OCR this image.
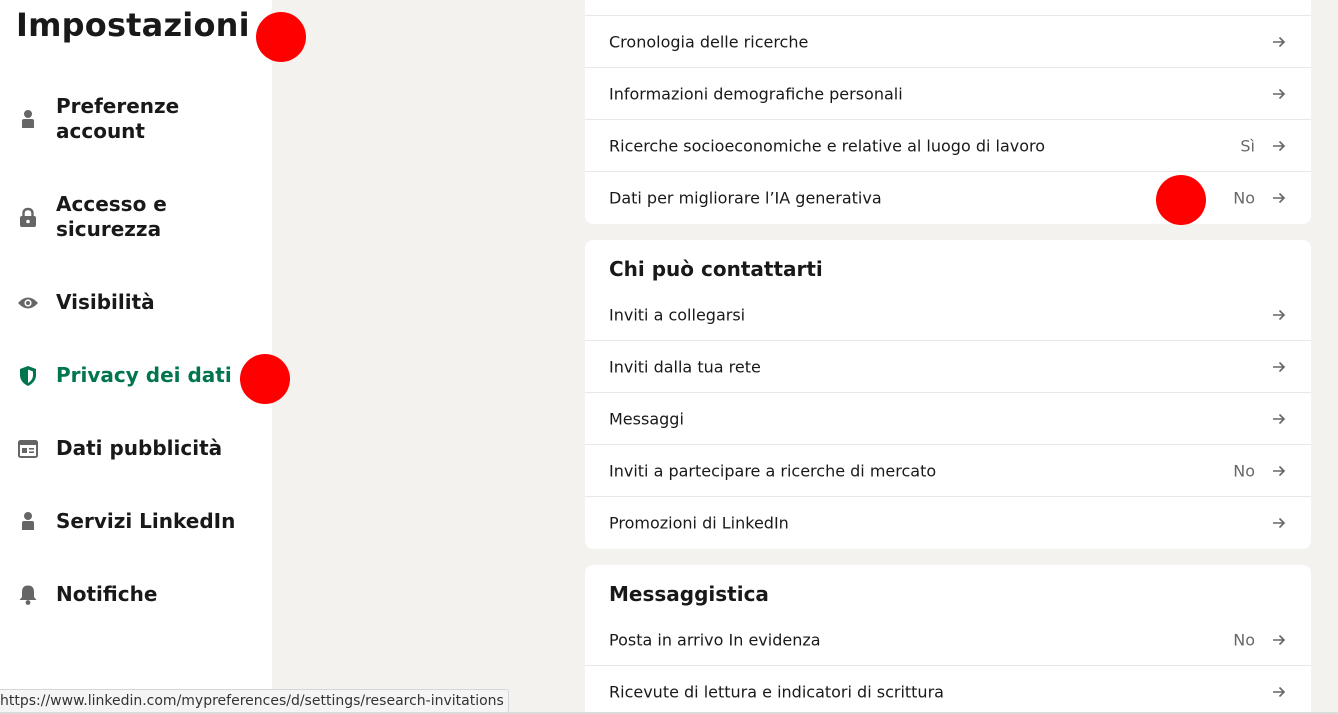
Impostazioni
Preferenze
account
Accesso e
sicurezza
Visibilità
Privacy dei dati
Dati pubblicità
Servizi LinkedIn
Notifiche
Cronologia delle ricerche
Informazioni demografiche personali
Ricerche socioeconomiche e relative al luogo di lavoro	Sì
Dati per migliorare l’IA generativa	No
Chi può contattarti
Inviti a collegarsi
Inviti dalla tua rete
Messaggi
Inviti a partecipare a ricerche di mercato	No
Promozioni di LinkedIn
Messaggistica
Posta in arrivo In evidenza	No
Ricevute di lettura e indicatori di scrittura
https://www.linkedin.com/mypreferences/d/settings/research-invitations
